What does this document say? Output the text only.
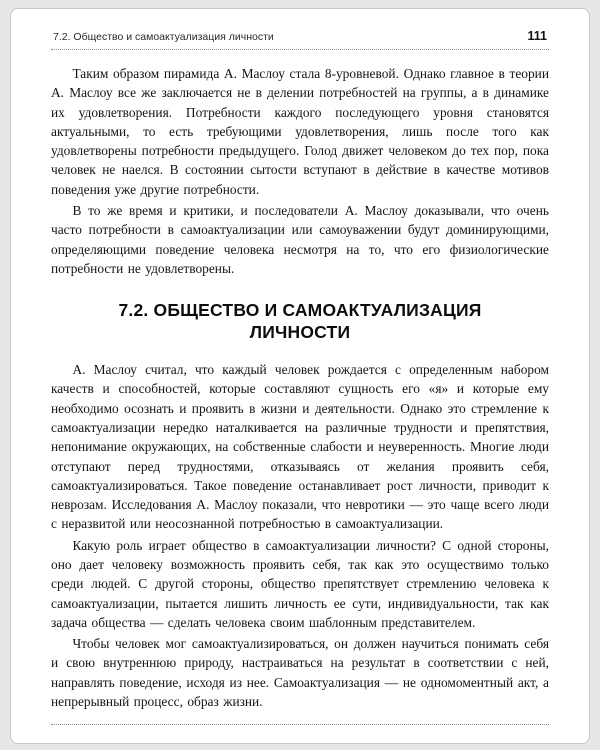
7.2. Общество и самоактуализация личности	111

Таким образом пирамида А. Маслоу стала 8-уровневой. Однако главное в теории А. Маслоу все же заключается не в делении потребностей на группы, а в динамике их удовлетворения. Потребности каждого последующего уровня становятся актуальными, то есть требующими удовлетворения, лишь после того как удовлетворены потребности предыдущего. Голод движет человеком до тех пор, пока человек не наелся. В состоянии сытости вступают в действие в качестве мотивов поведения уже другие потребности.

В то же время и критики, и последователи А. Маслоу доказывали, что очень часто потребности в самоактуализации или самоуважении будут доминирующими, определяющими поведение человека несмотря на то, что его физиологические потребности не удовлетворены.

7.2. ОБЩЕСТВО И САМОАКТУАЛИЗАЦИЯ ЛИЧНОСТИ

А. Маслоу считал, что каждый человек рождается с определенным набором качеств и способностей, которые составляют сущность его «я» и которые ему необходимо осознать и проявить в жизни и деятельности. Однако это стремление к самоактуализации нередко наталкивается на различные трудности и препятствия, непонимание окружающих, на собственные слабости и неуверенность. Многие люди отступают перед трудностями, отказываясь от желания проявить себя, самоактуализироваться. Такое поведение останавливает рост личности, приводит к неврозам. Исследования А. Маслоу показали, что невротики — это чаще всего люди с неразвитой или неосознанной потребностью в самоактуализации.

Какую роль играет общество в самоактуализации личности? С одной стороны, оно дает человеку возможность проявить себя, так как это осуществимо только среди людей. С другой стороны, общество препятствует стремлению человека к самоактуализации, пытается лишить личность ее сути, индивидуальности, так как задача общества — сделать человека своим шаблонным представителем.

Чтобы человек мог самоактуализироваться, он должен научиться понимать себя и свою внутреннюю природу, настраиваться на результат в соответствии с ней, направлять поведение, исходя из нее. Самоактуализация — не одномоментный акт, а непрерывный процесс, образ жизни.
